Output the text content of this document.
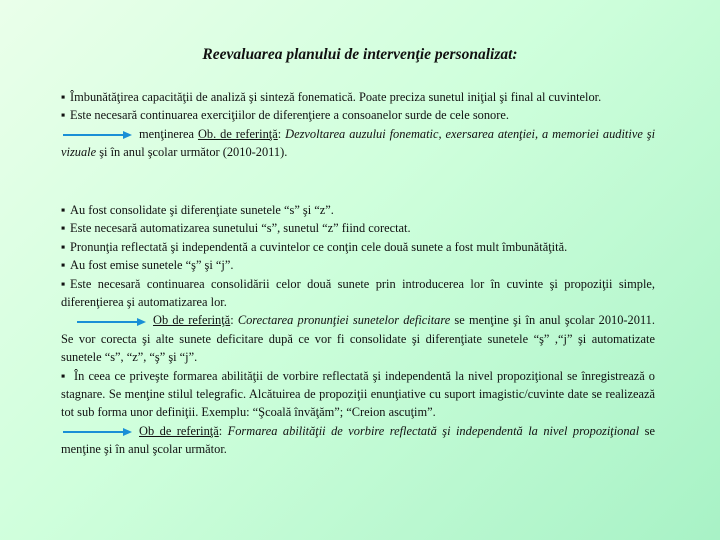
Reevaluarea planului de intervenţie personalizat:

▪ Îmbunătăţirea capacităţii de analiză şi sinteză fonematică. Poate preciza sunetul iniţial şi final al cuvintelor.

▪ Este necesară continuarea exerciţiilor de diferenţiere a consoanelor surde de cele sonore.

menţinerea Ob. de referinţă: Dezvoltarea auzului fonematic, exersarea atenţiei, a memoriei auditive şi vizuale şi în anul şcolar următor (2010-2011).

▪ Au fost consolidate şi diferenţiate sunetele “s” şi “z”.

▪ Este necesară automatizarea sunetului “s”, sunetul “z” fiind corectat.

▪ Pronunţia reflectată şi independentă a cuvintelor ce conţin cele două sunete a fost mult îmbunătăţită.

▪ Au fost emise sunetele “ş” şi “j”.

▪ Este necesară continuarea consolidării celor două sunete prin introducerea lor în cuvinte şi propoziţii simple, diferenţierea şi automatizarea lor.

Ob de referinţă: Corectarea pronunţiei sunetelor deficitare se menţine şi în anul şcolar 2010-2011. Se vor corecta şi alte sunete deficitare după ce vor fi consolidate şi diferenţiate sunetele “ş” ,“j” şi automatizate sunetele “s”, “z”, “ş” şi “j”.

▪ În ceea ce priveşte formarea abilităţii de vorbire reflectată şi independentă la nivel propoziţional se înregistrează o stagnare. Se menţine stilul telegrafic. Alcătuirea de propoziţii enunţiative cu suport imagistic/cuvinte date se realizează tot sub forma unor definiţii. Exemplu: “Şcoală învăţăm”; “Creion ascuţim”.

Ob de referinţă: Formarea abilităţii de vorbire reflectată şi independentă la nivel propoziţional se menţine şi în anul şcolar următor.
